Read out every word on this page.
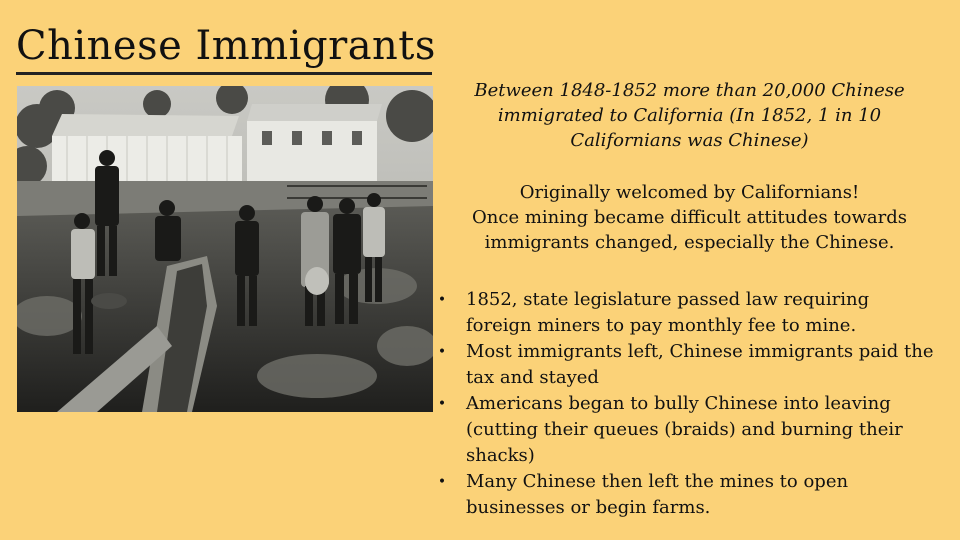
Chinese Immigrants
Between 1848-1852 more than 20,000 Chinese immigrated to California (In 1852, 1 in 10 Californians was Chinese)

Originally welcomed by Californians!

Once mining became difficult attitudes towards immigrants changed, especially the Chinese.

•	1852, state legislature passed law requiring foreign miners to pay monthly fee to mine.
•	Most immigrants left, Chinese immigrants paid the tax and stayed
•	Americans began to bully Chinese into leaving (cutting their queues (braids) and burning their shacks)
•	Many Chinese then left the mines to open businesses or begin farms.
